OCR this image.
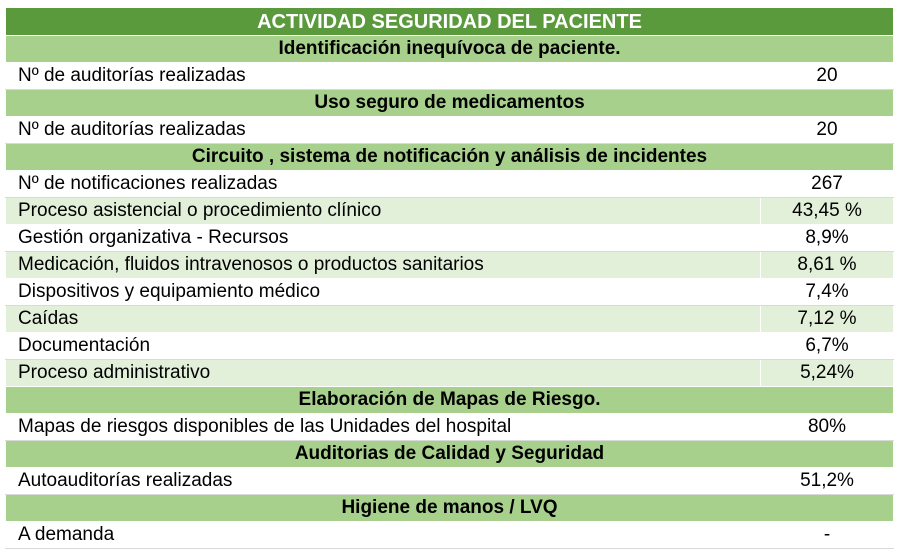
ACTIVIDAD SEGURIDAD DEL PACIENTE	
Identificación inequívoca de paciente.	
Nº de auditorías realizadas	20
Uso seguro de medicamentos	
Nº de auditorías realizadas	20
Circuito , sistema de notificación y análisis de incidentes	
Nº de notificaciones realizadas	267
Proceso asistencial o procedimiento clínico	43,45 %
Gestión organizativa - Recursos	8,9%
Medicación, fluidos intravenosos o productos sanitarios	8,61 %
Dispositivos y equipamiento médico	7,4%
Caídas	7,12 %
Documentación	6,7%
Proceso administrativo	5,24%
Elaboración de Mapas de Riesgo.	
Mapas de riesgos disponibles de las Unidades del hospital	80%
Auditorias de Calidad y Seguridad	
Autoauditorías realizadas	51,2%
Higiene de manos / LVQ	
A demanda	-
